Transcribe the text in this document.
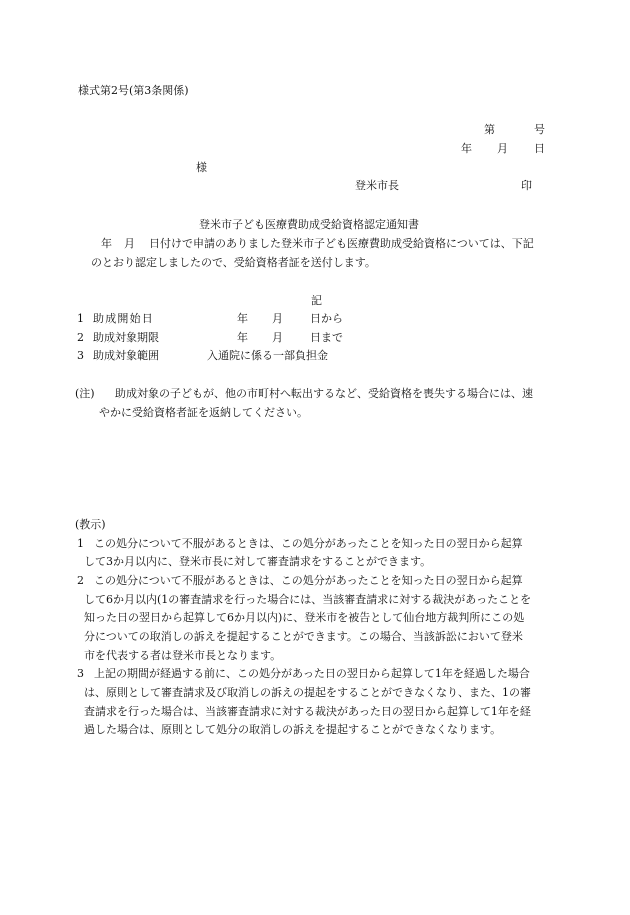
様式第2号(第3条関係)
第	号
年 月 日
様
登米市長	印
登米市子ども医療費助成受給資格認定通知書
年 月 日付けで申請のありました登米市子ども医療費助成受給資格については、下記
のとおり認定しましたので、受給資格者証を送付します。
記
1 助成開始日	年 月 日から
2 助成対象期限	年 月 日まで
3 助成対象範囲	入通院に係る一部負担金
(注) 助成対象の子どもが、他の市町村へ転出するなど、受給資格を喪失する場合には、速
やかに受給資格者証を返納してください。
(教示)
1 この処分について不服があるときは、この処分があったことを知った日の翌日から起算
して3か月以内に、登米市長に対して審査請求をすることができます。
2 この処分について不服があるときは、この処分があったことを知った日の翌日から起算
して6か月以内(1の審査請求を行った場合には、当該審査請求に対する裁決があったことを
知った日の翌日から起算して6か月以内)に、登米市を被告として仙台地方裁判所にこの処
分についての取消しの訴えを提起することができます。この場合、当該訴訟において登米
市を代表する者は登米市長となります。
3 上記の期間が経過する前に、この処分があった日の翌日から起算して1年を経過した場合
は、原則として審査請求及び取消しの訴えの提起をすることができなくなり、また、1の審
査請求を行った場合は、当該審査請求に対する裁決があった日の翌日から起算して1年を経
過した場合は、原則として処分の取消しの訴えを提起することができなくなります。
